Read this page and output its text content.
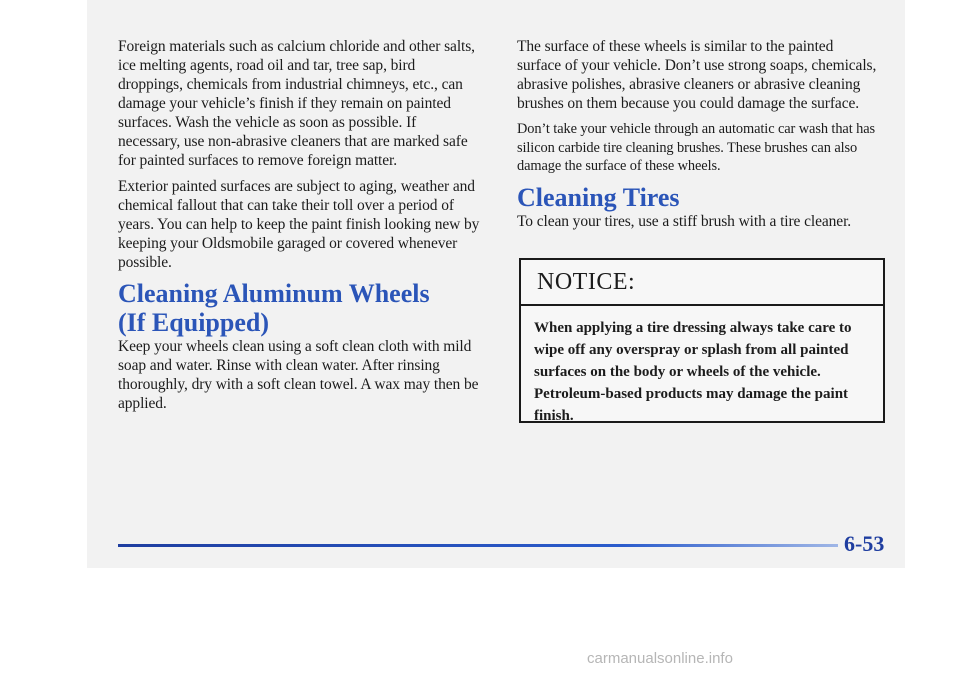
Foreign materials such as calcium chloride and other salts, ice melting agents, road oil and tar, tree sap, bird droppings, chemicals from industrial chimneys, etc., can damage your vehicle’s finish if they remain on painted surfaces. Wash the vehicle as soon as possible. If necessary, use non-abrasive cleaners that are marked safe for painted surfaces to remove foreign matter.

Exterior painted surfaces are subject to aging, weather and chemical fallout that can take their toll over a period of years. You can help to keep the paint finish looking new by keeping your Oldsmobile garaged or covered whenever possible.

Cleaning Aluminum Wheels
(If Equipped)

Keep your wheels clean using a soft clean cloth with mild soap and water. Rinse with clean water. After rinsing thoroughly, dry with a soft clean towel. A wax may then be applied.

The surface of these wheels is similar to the painted surface of your vehicle. Don’t use strong soaps, chemicals, abrasive polishes, abrasive cleaners or abrasive cleaning brushes on them because you could damage the surface.

Don’t take your vehicle through an automatic car wash that has silicon carbide tire cleaning brushes. These brushes can also damage the surface of these wheels.

Cleaning Tires

To clean your tires, use a stiff brush with a tire cleaner.

NOTICE:
When applying a tire dressing always take care to wipe off any overspray or splash from all painted surfaces on the body or wheels of the vehicle. Petroleum-based products may damage the paint finish.
6-53
carmanualsonline.info
